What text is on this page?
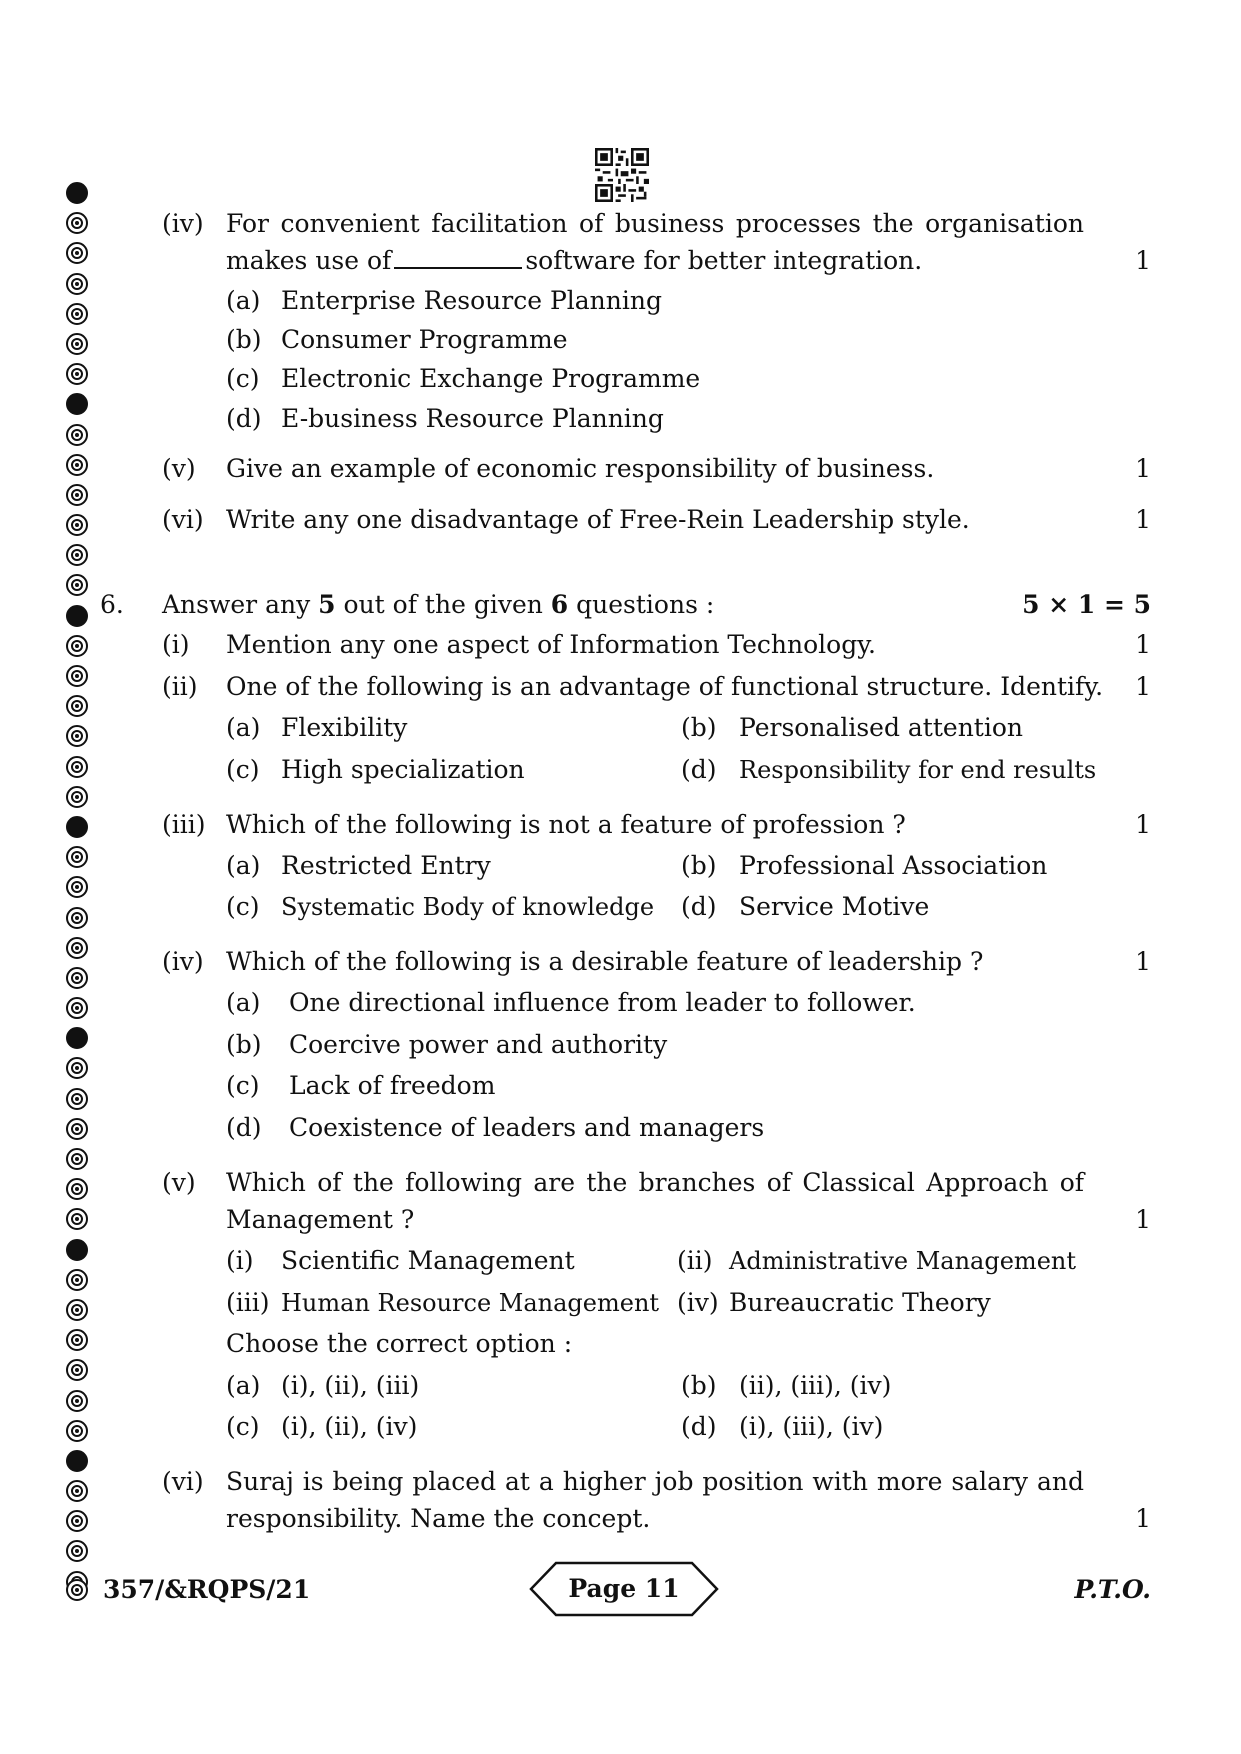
(iv) For convenient facilitation of business processes the organisation
makes use of	software for better integration.	1
(a) Enterprise Resource Planning
(b) Consumer Programme
(c) Electronic Exchange Programme
(d) E-business Resource Planning
(v) Give an example of economic responsibility of business.	1
(vi) Write any one disadvantage of Free-Rein Leadership style.	1
6. Answer any 5 out of the given 6 questions :	5 × 1 = 5
(i) Mention any one aspect of Information Technology.	1
(ii) One of the following is an advantage of functional structure. Identify. 1
(a) Flexibility	(b) Personalised attention
(c) High specialization	(d) Responsibility for end results
(iii) Which of the following is not a feature of profession ?	1
(a) Restricted Entry	(b) Professional Association
(c) Systematic Body of knowledge (d) Service Motive
(iv) Which of the following is a desirable feature of leadership ?	1
(a) One directional influence from leader to follower.
(b) Coercive power and authority
(c) Lack of freedom
(d) Coexistence of leaders and managers
(v) Which of the following are the branches of Classical Approach of
Management ?	1
(i) Scientific Management	(ii) Administrative Management
(iii) Human Resource Management (iv) Bureaucratic Theory
Choose the correct option :
(a) (i), (ii), (iii)	(b) (ii), (iii), (iv)
(c) (i), (ii), (iv)	(d) (i), (iii), (iv)
(vi) Suraj is being placed at a higher job position with more salary and
responsibility. Name the concept.	1
357/&RQPS/21	Page 11	P.T.O.
